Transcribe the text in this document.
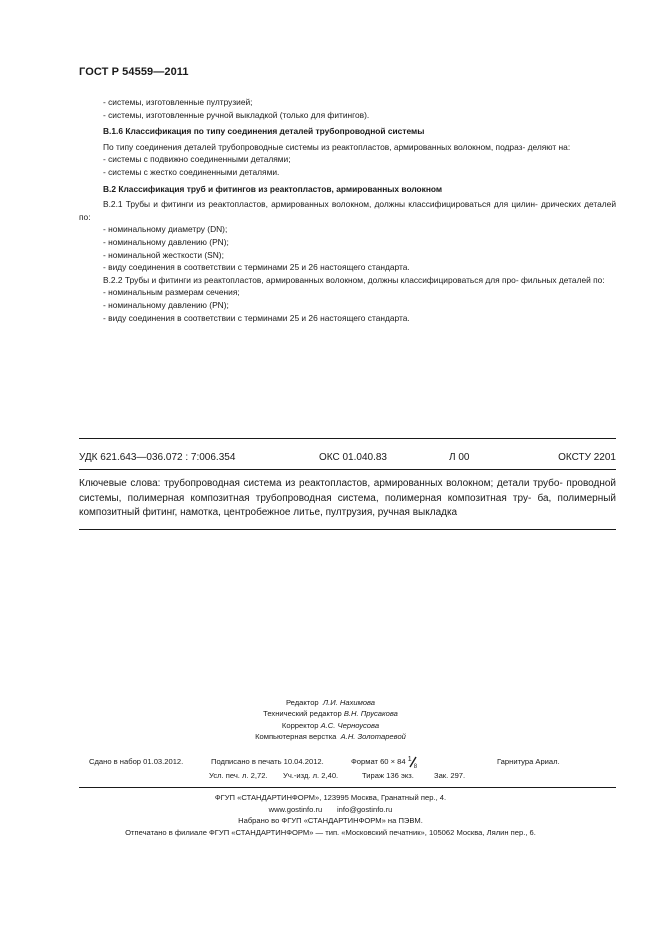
ГОСТ Р 54559—2011

- системы, изготовленные пултрузией;

- системы, изготовленные ручной выкладкой (только для фитингов).

В.1.6 Классификация по типу соединения деталей трубопроводной системы

По типу соединения деталей трубопроводные системы из реактопластов, армированных волокном, подраз- деляют на:

- системы с подвижно соединенными деталями;

- системы с жестко соединенными деталями.

В.2 Классификация труб и фитингов из реактопластов, армированных волокном

В.2.1 Трубы и фитинги из реактопластов, армированных волокном, должны классифицироваться для цилин- дрических деталей по:

- номинальному диаметру (DN);

- номинальному давлению (PN);

- номинальной жесткости (SN);

- виду соединения в соответствии с терминами 25 и 26 настоящего стандарта.

В.2.2 Трубы и фитинги из реактопластов, армированных волокном, должны классифицироваться для про- фильных деталей по:

- номинальным размерам сечения;

- номинальному давлению (PN);

- виду соединения в соответствии с терминами 25 и 26 настоящего стандарта.

УДК 621.643—036.072 : 7:006.354	ОКС 01.040.83	Л 00	ОКСТУ 2201

Ключевые слова: трубопроводная система из реактопластов, армированных волокном; детали трубо- проводной системы, полимерная композитная трубопроводная система, полимерная композитная тру- ба, полимерный композитный фитинг, намотка, центробежное литье, пултрузия, ручная выкладка

Редактор Л.И. Нахимова

Технический редактор В.Н. Прусакова

Корректор А.С. Черноусова

Компьютерная верстка А.Н. Золотаревой

Сдано в набор 01.03.2012.	Подписано в печать 10.04.2012.	Формат 60 × 84 1
8
Гарнитура Ариал.
Усл. печ. л. 2,72. Уч.-изд. л. 2,40.	Тираж 136 экз.	Зак. 297.

ФГУП «СТАНДАРТИНФОРМ», 123995 Москва, Гранатный пер., 4.

www.gostinfo.ru info@gostinfo.ru

Набрано во ФГУП «СТАНДАРТИНФОРМ» на ПЭВМ.

Отпечатано в филиале ФГУП «СТАНДАРТИНФОРМ» — тип. «Московский печатник», 105062 Москва, Лялин пер., 6.
